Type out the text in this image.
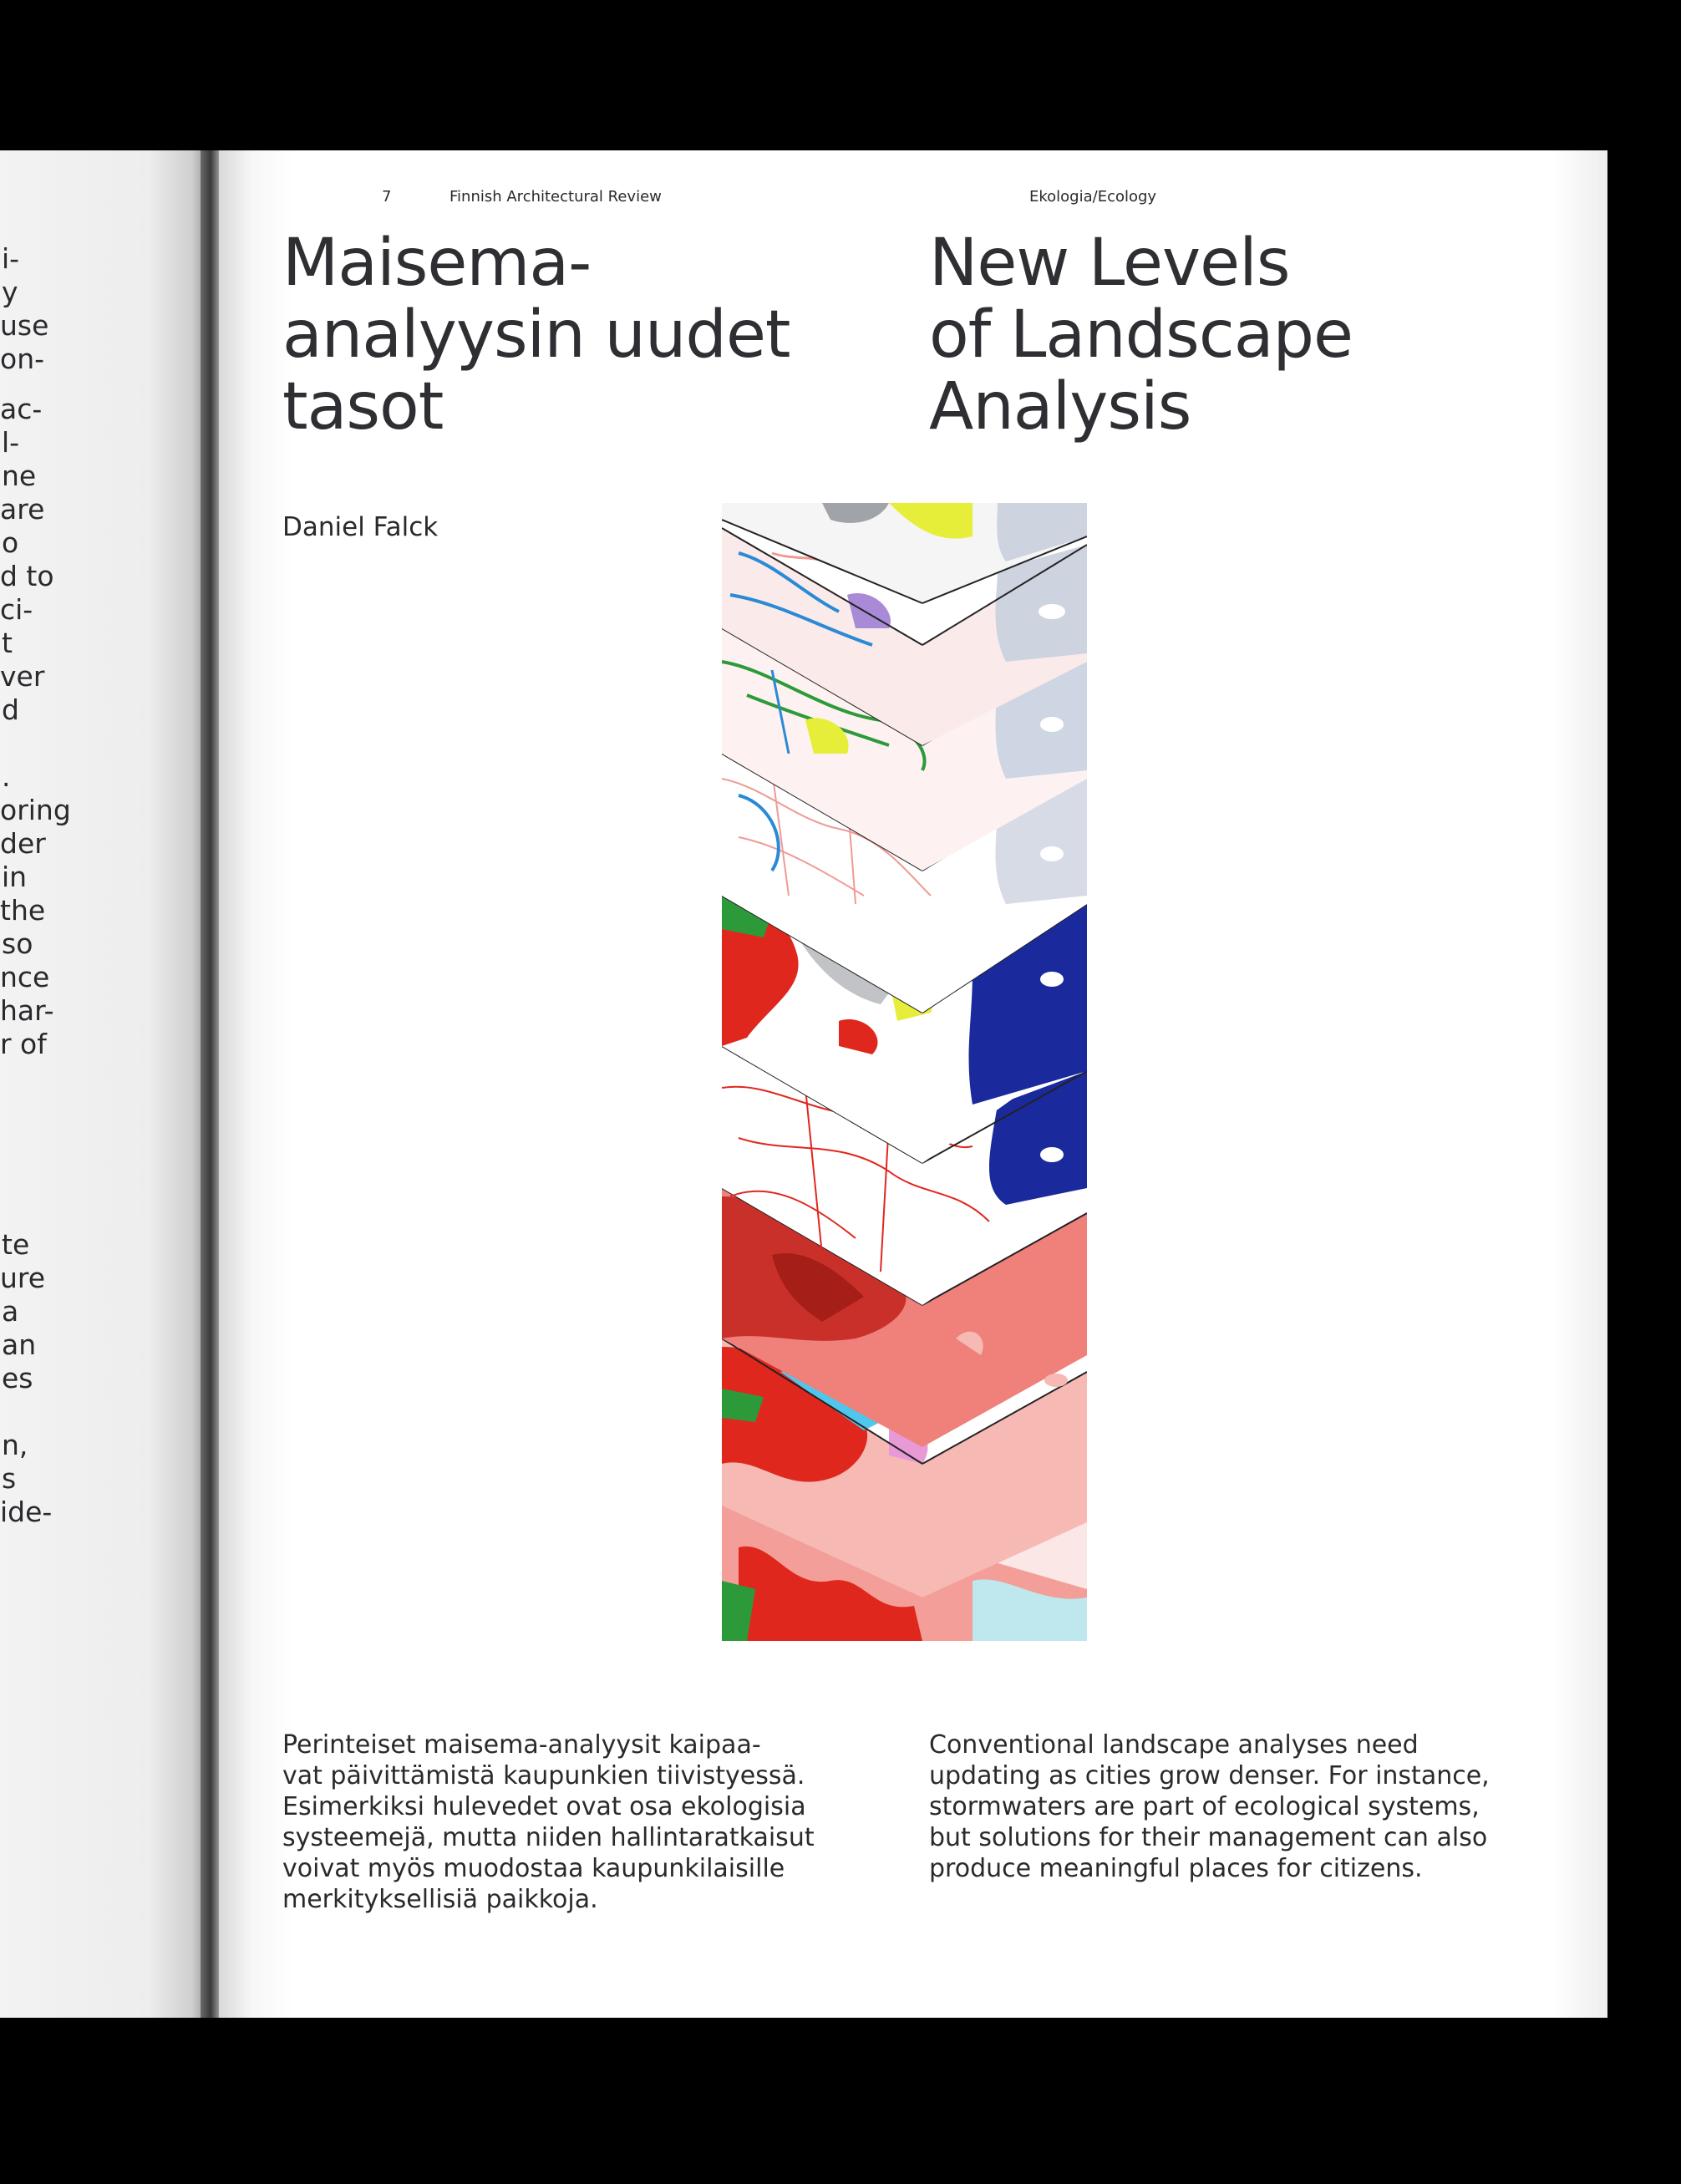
i-
y
use
on-
ac-
l-
ne
are
o
d to
ci-
t
ver
d
.
oring
der
in
the
so
nce
har-
r of
te
ure
a
an
es
n,
s
ide-
7	Finnish Architectural Review	Ekologia/Ecology
Maisema-
analyysin uudet
tasot
New Levels
of Landscape
Analysis
Daniel Falck

Perinteiset maisema-analyysit kaipaa-
vat päivittämistä kaupunkien tiivistyessä.
Esimerkiksi hulevedet ovat osa ekologisia
systeemejä, mutta niiden hallintaratkaisut
voivat myös muodostaa kaupunkilaisille
merkityksellisiä paikkoja.

Conventional landscape analyses need
updating as cities grow denser. For instance,
stormwaters are part of ecological systems,
but solutions for their management can also
produce meaningful places for citizens.
